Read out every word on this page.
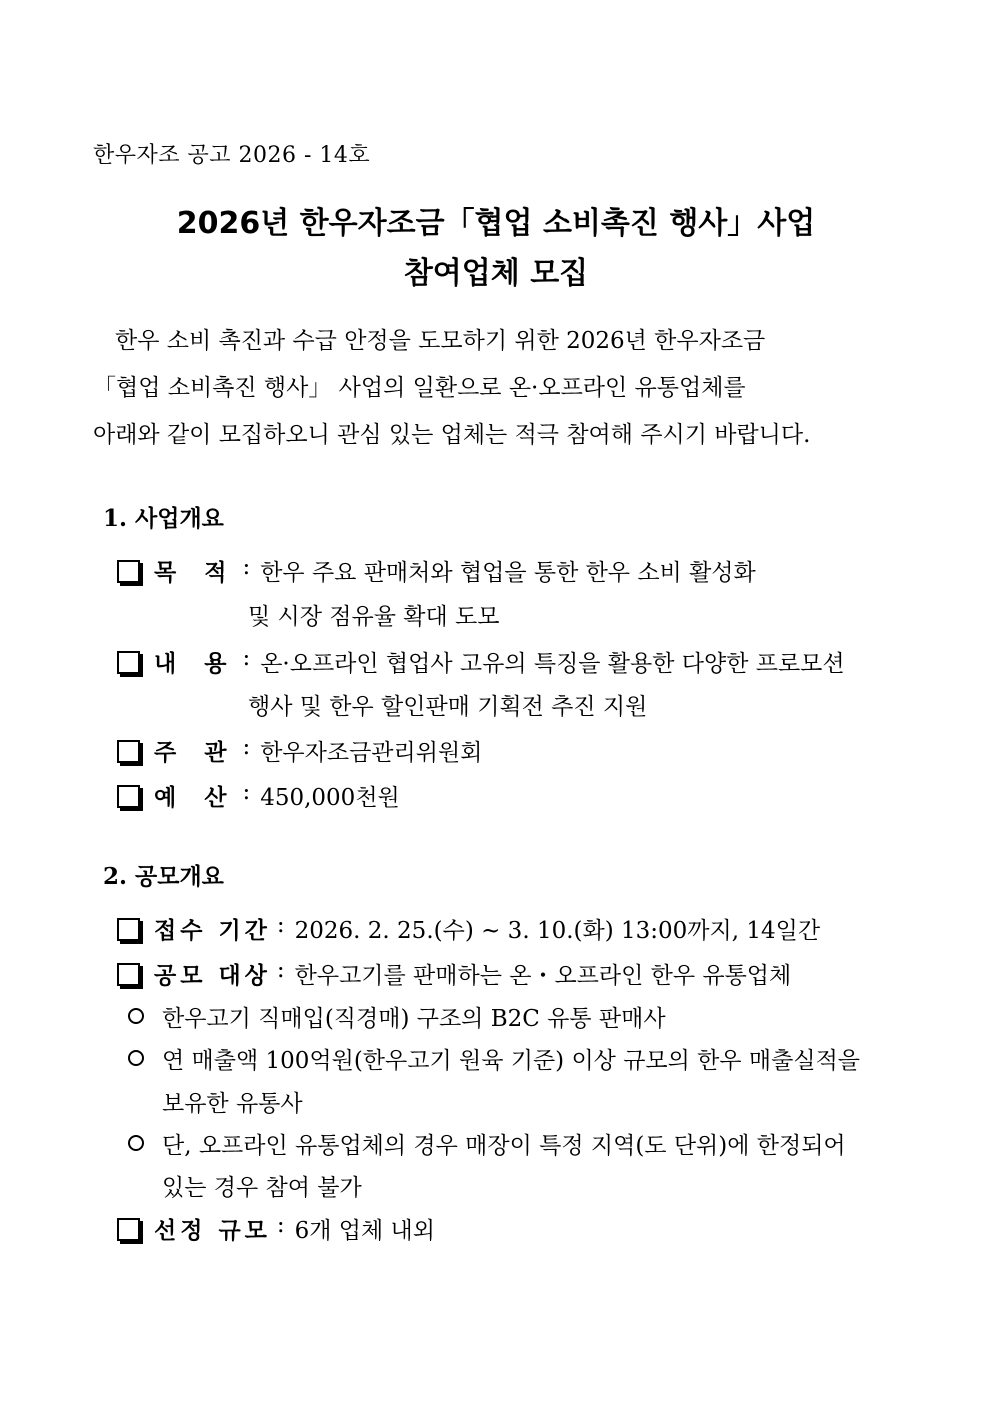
한우자조 공고 2026 - 14호
2026년 한우자조금「협업 소비촉진 행사」사업
참여업체 모집
한우 소비 촉진과 수급 안정을 도모하기 위한 2026년 한우자조금
「협업 소비촉진 행사」 사업의 일환으로 온·오프라인 유통업체를
아래와 같이 모집하오니 관심 있는 업체는 적극 참여해 주시기 바랍니다.
1. 사업개요
목 적 : 한우 주요 판매처와 협업을 통한 한우 소비 활성화
및 시장 점유율 확대 도모
내 용 : 온·오프라인 협업사 고유의 특징을 활용한 다양한 프로모션
행사 및 한우 할인판매 기획전 추진 지원
주 관 : 한우자조금관리위원회
예 산 : 450,000천원
2. 공모개요
접수 기간 : 2026. 2. 25.(수) ~ 3. 10.(화) 13:00까지, 14일간
공모 대상 : 한우고기를 판매하는 온・오프라인 한우 유통업체
한우고기 직매입(직경매) 구조의 B2C 유통 판매사
연 매출액 100억원(한우고기 원육 기준) 이상 규모의 한우 매출실적을
보유한 유통사
단, 오프라인 유통업체의 경우 매장이 특정 지역(도 단위)에 한정되어
있는 경우 참여 불가
선정 규모 : 6개 업체 내외
